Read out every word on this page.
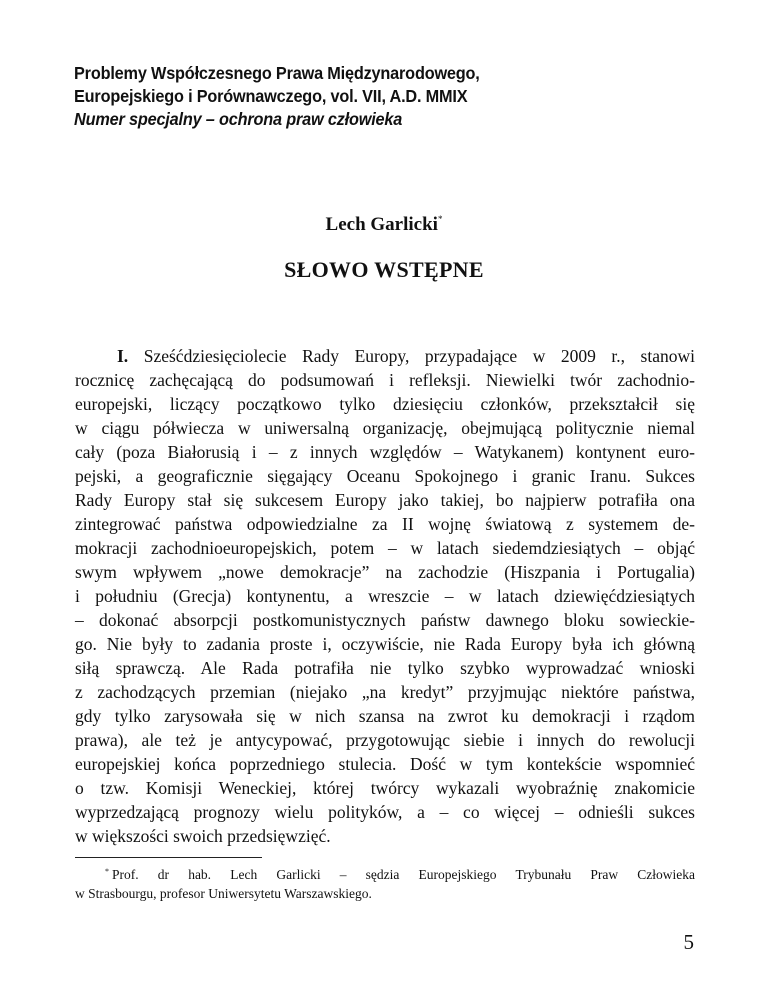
Problemy Współczesnego Prawa Międzynarodowego,
Europejskiego i Porównawczego, vol. VII, A.D. MMIX
Numer specjalny – ochrona praw człowieka
Lech Garlicki*
SŁOWO WSTĘPNE
I. Sześćdziesięciolecie Rady Europy, przypadające w 2009 r., stanowi
rocznicę zachęcającą do podsumowań i refleksji. Niewielki twór zachodnio-
europejski, liczący początkowo tylko dziesięciu członków, przekształcił się
w ciągu półwiecza w uniwersalną organizację, obejmującą politycznie niemal
cały (poza Białorusią i – z innych względów – Watykanem) kontynent euro-
pejski, a geograficznie sięgający Oceanu Spokojnego i granic Iranu. Sukces
Rady Europy stał się sukcesem Europy jako takiej, bo najpierw potrafiła ona
zintegrować państwa odpowiedzialne za II wojnę światową z systemem de-
mokracji zachodnioeuropejskich, potem – w latach siedemdziesiątych – objąć
swym wpływem „nowe demokracje” na zachodzie (Hiszpania i Portugalia)
i południu (Grecja) kontynentu, a wreszcie – w latach dziewięćdziesiątych
– dokonać absorpcji postkomunistycznych państw dawnego bloku sowieckie-
go. Nie były to zadania proste i, oczywiście, nie Rada Europy była ich główną
siłą sprawczą. Ale Rada potrafiła nie tylko szybko wyprowadzać wnioski
z zachodzących przemian (niejako „na kredyt” przyjmując niektóre państwa,
gdy tylko zarysowała się w nich szansa na zwrot ku demokracji i rządom
prawa), ale też je antycypować, przygotowując siebie i innych do rewolucji
europejskiej końca poprzedniego stulecia. Dość w tym kontekście wspomnieć
o tzw. Komisji Weneckiej, której twórcy wykazali wyobraźnię znakomicie
wyprzedzającą prognozy wielu polityków, a – co więcej – odnieśli sukces
w większości swoich przedsięwzięć.
* Prof. dr hab. Lech Garlicki – sędzia Europejskiego Trybunału Praw Człowieka
w Strasbourgu, profesor Uniwersytetu Warszawskiego.
5
